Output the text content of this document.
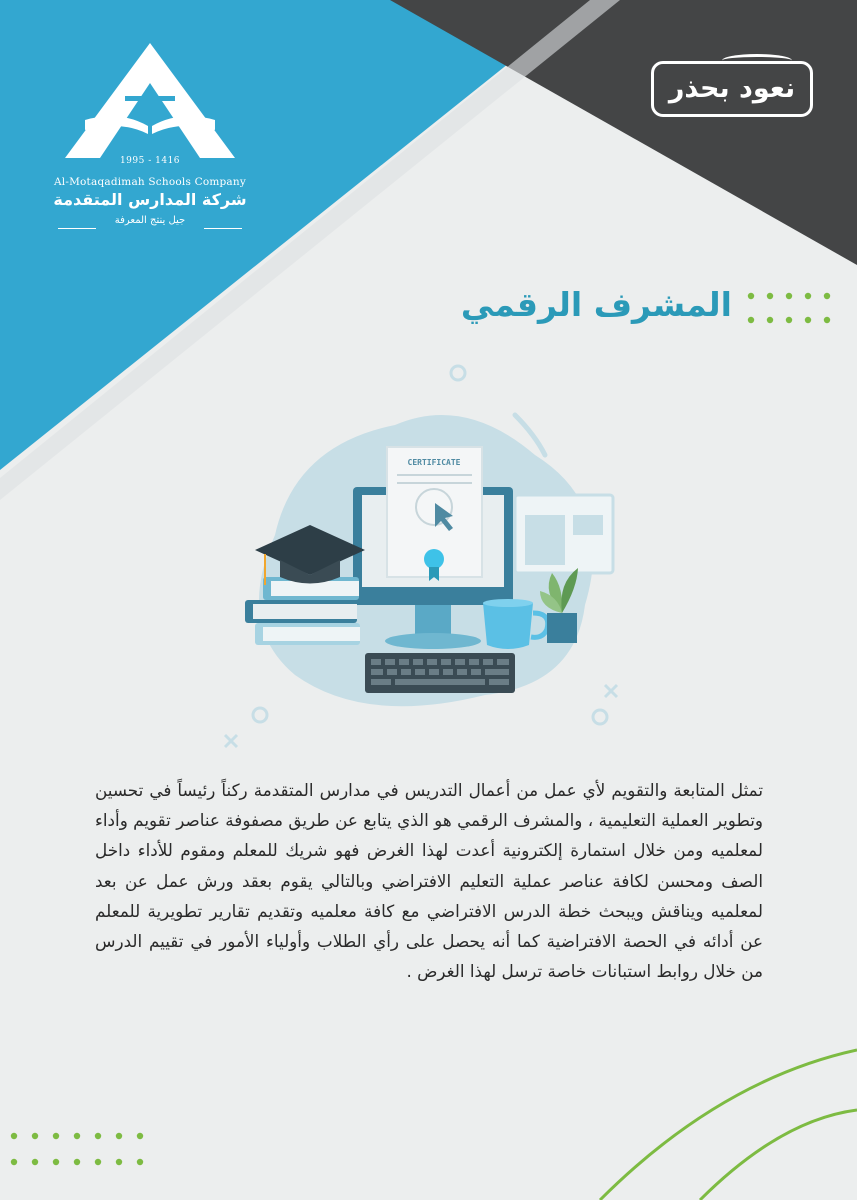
1995 - 1416
Al-Motaqadimah Schools Company
شركة المدارس المتقدمة
جيل ينتج المعرفة
نعود بحذر
المشرف الرقمي
CERTIFICATE
تمثل المتابعة والتقويم لأي عمل من أعمال التدريس في مدارس المتقدمة ركناً رئيساً في تحسين وتطوير العملية التعليمية ، والمشرف الرقمي هو الذي يتابع عن طريق مصفوفة عناصر تقويم وأداء لمعلميه ومن خلال استمارة إلكترونية أعدت لهذا الغرض فهو شريك للمعلم ومقوم للأداء داخل الصف ومحسن لكافة عناصر عملية التعليم الافتراضي وبالتالي يقوم بعقد ورش عمل عن بعد لمعلميه ويناقش ويبحث خطة الدرس الافتراضي مع كافة معلميه وتقديم تقارير تطويرية للمعلم عن أدائه في الحصة الافتراضية كما أنه يحصل على رأي الطلاب وأولياء الأمور في تقييم الدرس من خلال روابط استبانات خاصة ترسل لهذا الغرض .
